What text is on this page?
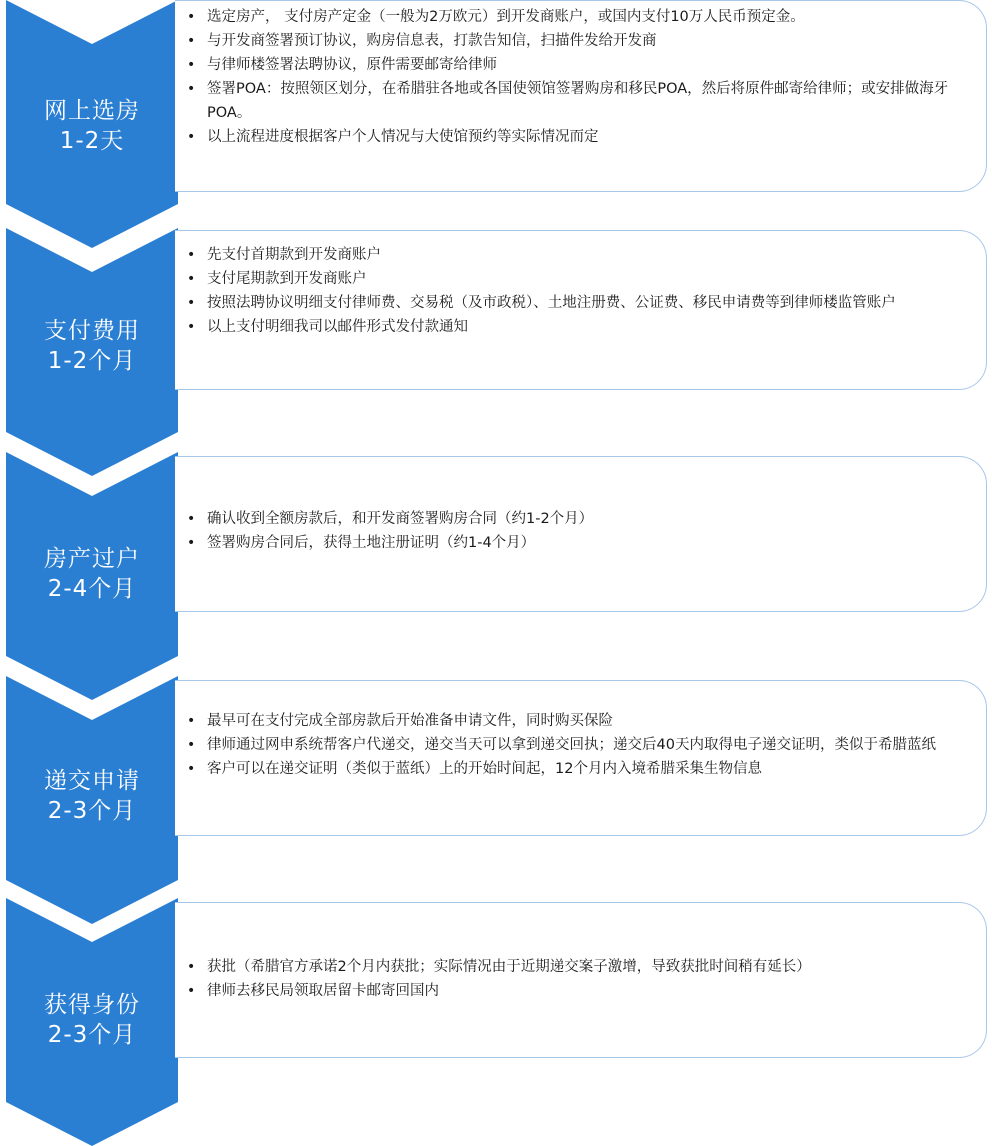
• 选定房产， 支付房产定金（一般为2万欧元）到开发商账户，或国内支付10万人民币预定金。
• 与开发商签署预订协议，购房信息表，打款告知信，扫描件发给开发商
• 与律师楼签署法聘协议，原件需要邮寄给律师
• 签署POA：按照领区划分，在希腊驻各地或各国使领馆签署购房和移民POA，然后将原件邮寄给律师；或安排做海牙POA。
• 以上流程进度根据客户个人情况与大使馆预约等实际情况而定
网上选房
1-2天
• 先支付首期款到开发商账户
• 支付尾期款到开发商账户
• 按照法聘协议明细支付律师费、交易税（及市政税）、土地注册费、公证费、移民申请费等到律师楼监管账户
• 以上支付明细我司以邮件形式发付款通知
支付费用
1-2个月
• 确认收到全额房款后，和开发商签署购房合同（约1-2个月）
• 签署购房合同后，获得土地注册证明（约1-4个月）
房产过户
2-4个月
• 最早可在支付完成全部房款后开始准备申请文件，同时购买保险
• 律师通过网申系统帮客户代递交，递交当天可以拿到递交回执；递交后40天内取得电子递交证明，类似于希腊蓝纸
• 客户可以在递交证明（类似于蓝纸）上的开始时间起，12个月内入境希腊采集生物信息
递交申请
2-3个月
• 获批（希腊官方承诺2个月内获批；实际情况由于近期递交案子激增，导致获批时间稍有延长）
• 律师去移民局领取居留卡邮寄回国内
获得身份
2-3个月
